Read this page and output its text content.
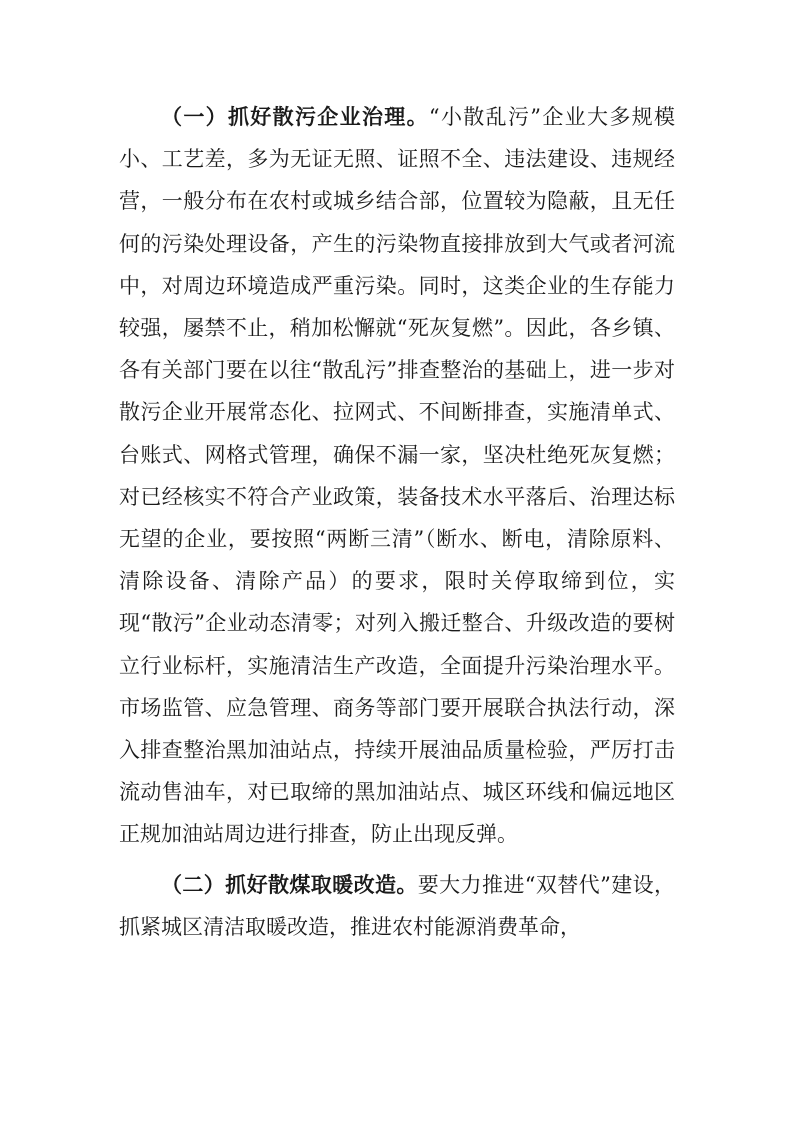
（一）抓好散污企业治理。“小散乱污”企业大多规模小、工艺差，多为无证无照、证照不全、违法建设、违规经营，一般分布在农村或城乡结合部，位置较为隐蔽，且无任何的污染处理设备，产生的污染物直接排放到大气或者河流中，对周边环境造成严重污染。同时，这类企业的生存能力较强，屡禁不止，稍加松懈就“死灰复燃”。因此，各乡镇、各有关部门要在以往“散乱污”排查整治的基础上，进一步对散污企业开展常态化、拉网式、不间断排查，实施清单式、台账式、网格式管理，确保不漏一家，坚决杜绝死灰复燃；对已经核实不符合产业政策，装备技术水平落后、治理达标无望的企业，要按照“两断三清”（断水、断电，清除原料、清除设备、清除产品）的要求，限时关停取缔到位，实现“散污”企业动态清零；对列入搬迁整合、升级改造的要树立行业标杆，实施清洁生产改造，全面提升污染治理水平。市场监管、应急管理、商务等部门要开展联合执法行动，深入排查整治黑加油站点，持续开展油品质量检验，严厉打击流动售油车，对已取缔的黑加油站点、城区环线和偏远地区正规加油站周边进行排查，防止出现反弹。

（二）抓好散煤取暖改造。要大力推进“双替代”建设，抓紧城区清洁取暖改造，推进农村能源消费革命，
